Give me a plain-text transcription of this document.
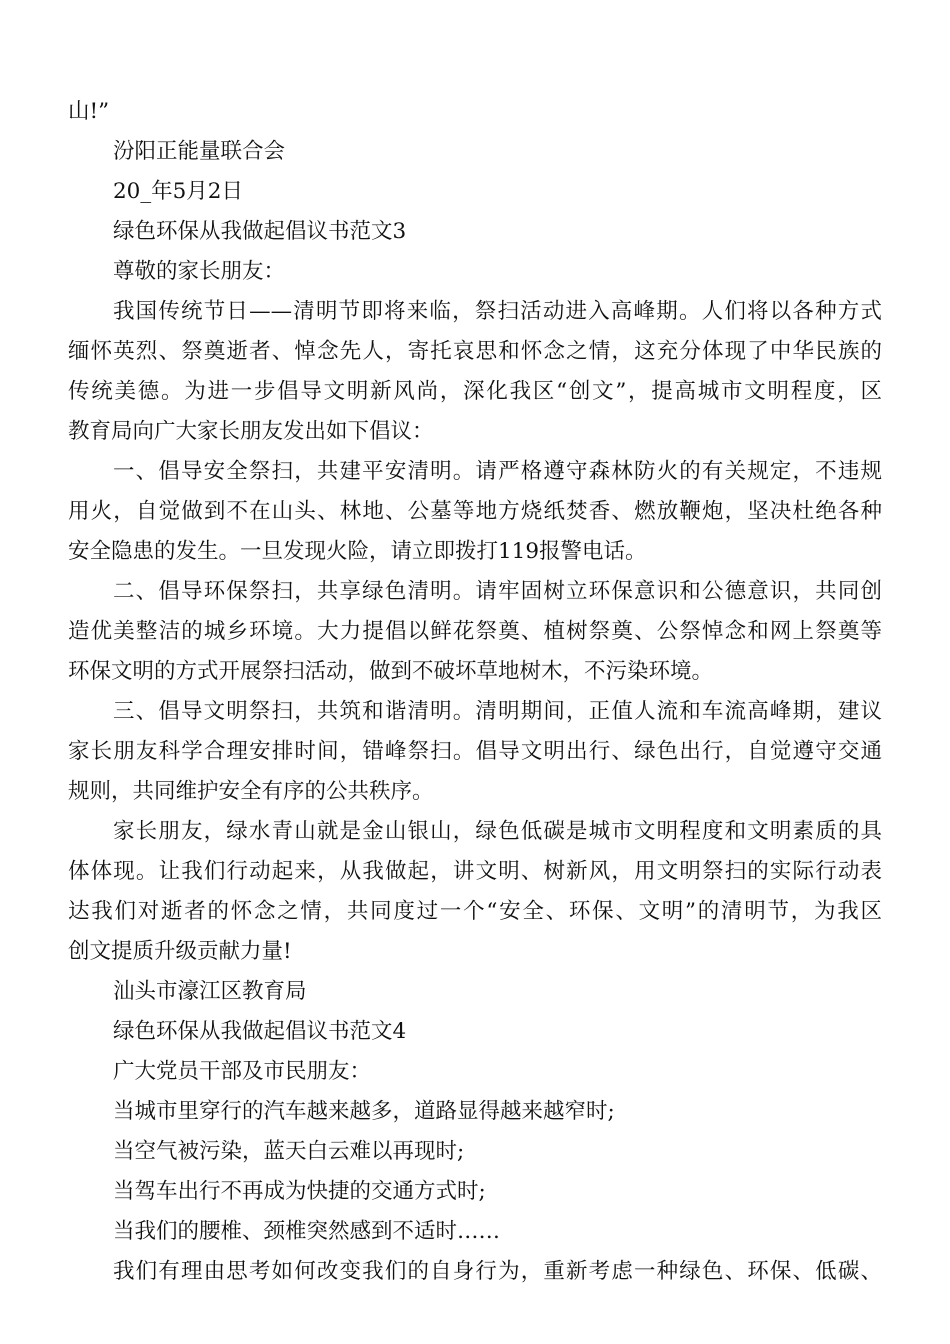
山!”
汾阳正能量联合会
20_年5月2日
绿色环保从我做起倡议书范文3
尊敬的家长朋友：
我国传统节日——清明节即将来临，祭扫活动进入高峰期。人们将以各种方式
缅怀英烈、祭奠逝者、悼念先人，寄托哀思和怀念之情，这充分体现了中华民族的
传统美德。为进一步倡导文明新风尚，深化我区“创文”，提高城市文明程度，区
教育局向广大家长朋友发出如下倡议：
一、倡导安全祭扫，共建平安清明。请严格遵守森林防火的有关规定，不违规
用火，自觉做到不在山头、林地、公墓等地方烧纸焚香、燃放鞭炮，坚决杜绝各种
安全隐患的发生。一旦发现火险，请立即拨打119报警电话。
二、倡导环保祭扫，共享绿色清明。请牢固树立环保意识和公德意识，共同创
造优美整洁的城乡环境。大力提倡以鲜花祭奠、植树祭奠、公祭悼念和网上祭奠等
环保文明的方式开展祭扫活动，做到不破坏草地树木，不污染环境。
三、倡导文明祭扫，共筑和谐清明。清明期间，正值人流和车流高峰期，建议
家长朋友科学合理安排时间，错峰祭扫。倡导文明出行、绿色出行，自觉遵守交通
规则，共同维护安全有序的公共秩序。
家长朋友，绿水青山就是金山银山，绿色低碳是城市文明程度和文明素质的具
体体现。让我们行动起来，从我做起，讲文明、树新风，用文明祭扫的实际行动表
达我们对逝者的怀念之情，共同度过一个“安全、环保、文明”的清明节，为我区
创文提质升级贡献力量!
汕头市濠江区教育局
绿色环保从我做起倡议书范文4
广大党员干部及市民朋友：
当城市里穿行的汽车越来越多，道路显得越来越窄时;
当空气被污染，蓝天白云难以再现时;
当驾车出行不再成为快捷的交通方式时;
当我们的腰椎、颈椎突然感到不适时……
我们有理由思考如何改变我们的自身行为，重新考虑一种绿色、环保、低碳、
